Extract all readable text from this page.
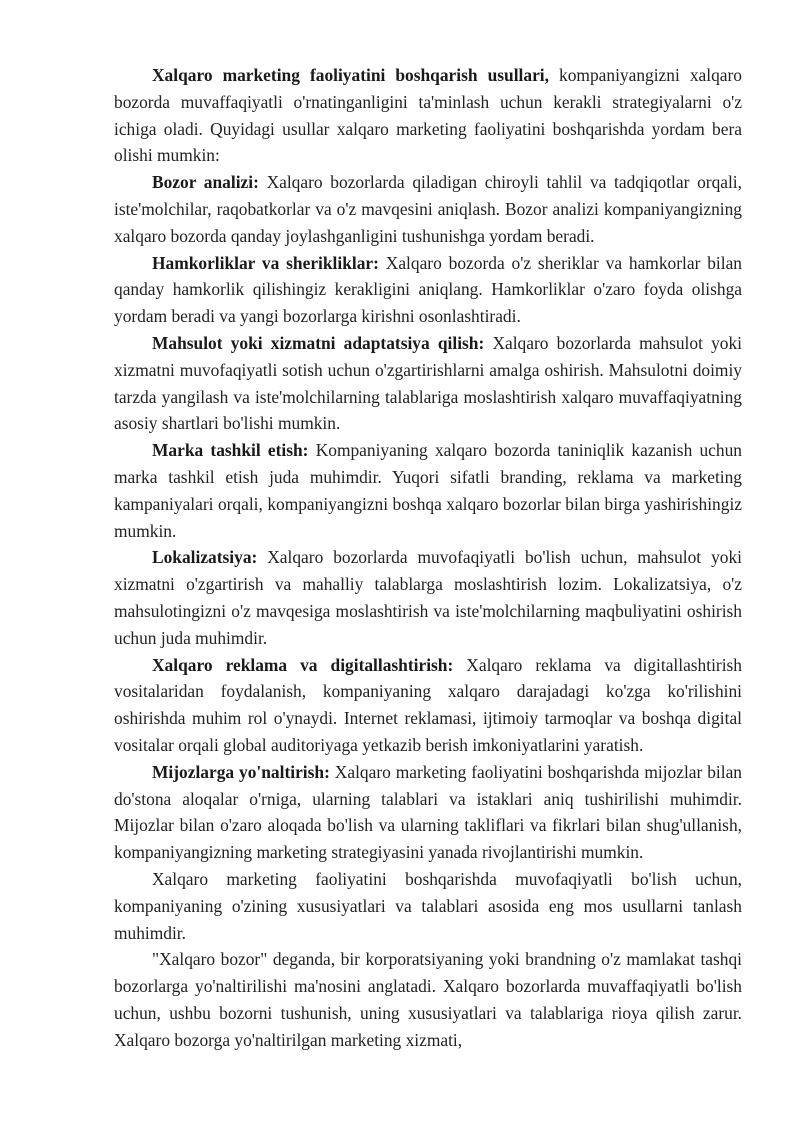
Xalqaro marketing faoliyatini boshqarish usullari, kompaniyangizni xalqaro bozorda muvaffaqiyatli o'rnatinganligini ta'minlash uchun kerakli strategiyalarni o'z ichiga oladi. Quyidagi usullar xalqaro marketing faoliyatini boshqarishda yordam bera olishi mumkin:

Bozor analizi: Xalqaro bozorlarda qiladigan chiroyli tahlil va tadqiqotlar orqali, iste'molchilar, raqobatkorlar va o'z mavqesini aniqlash. Bozor analizi kompaniyangizning xalqaro bozorda qanday joylashganligini tushunishga yordam beradi.

Hamkorliklar va sherikliklar: Xalqaro bozorda o'z sheriklar va hamkorlar bilan qanday hamkorlik qilishingiz kerakligini aniqlang. Hamkorliklar o'zaro foyda olishga yordam beradi va yangi bozorlarga kirishni osonlashtiradi.

Mahsulot yoki xizmatni adaptatsiya qilish: Xalqaro bozorlarda mahsulot yoki xizmatni muvofaqiyatli sotish uchun o'zgartirishlarni amalga oshirish. Mahsulotni doimiy tarzda yangilash va iste'molchilarning talablariga moslashtirish xalqaro muvaffaqiyatning asosiy shartlari bo'lishi mumkin.

Marka tashkil etish: Kompaniyaning xalqaro bozorda taniniqlik kazanish uchun marka tashkil etish juda muhimdir. Yuqori sifatli branding, reklama va marketing kampaniyalari orqali, kompaniyangizni boshqa xalqaro bozorlar bilan birga yashirishingiz mumkin.

Lokalizatsiya: Xalqaro bozorlarda muvofaqiyatli bo'lish uchun, mahsulot yoki xizmatni o'zgartirish va mahalliy talablarga moslashtirish lozim. Lokalizatsiya, o'z mahsulotingizni o'z mavqesiga moslashtirish va iste'molchilarning maqbuliyatini oshirish uchun juda muhimdir.

Xalqaro reklama va digitallashtirish: Xalqaro reklama va digitallashtirish vositalaridan foydalanish, kompaniyaning xalqaro darajadagi ko'zga ko'rilishini oshirishda muhim rol o'ynaydi. Internet reklamasi, ijtimoiy tarmoqlar va boshqa digital vositalar orqali global auditoriyaga yetkazib berish imkoniyatlarini yaratish.

Mijozlarga yo'naltirish: Xalqaro marketing faoliyatini boshqarishda mijozlar bilan do'stona aloqalar o'rniga, ularning talablari va istaklari aniq tushirilishi muhimdir. Mijozlar bilan o'zaro aloqada bo'lish va ularning takliflari va fikrlari bilan shug'ullanish, kompaniyangizning marketing strategiyasini yanada rivojlantirishi mumkin.

Xalqaro marketing faoliyatini boshqarishda muvofaqiyatli bo'lish uchun, kompaniyaning o'zining xususiyatlari va talablari asosida eng mos usullarni tanlash muhimdir.

"Xalqaro bozor" deganda, bir korporatsiyaning yoki brandning o'z mamlakat tashqi bozorlarga yo'naltirilishi ma'nosini anglatadi. Xalqaro bozorlarda muvaffaqiyatli bo'lish uchun, ushbu bozorni tushunish, uning xususiyatlari va talablariga rioya qilish zarur. Xalqaro bozorga yo'naltirilgan marketing xizmati,
